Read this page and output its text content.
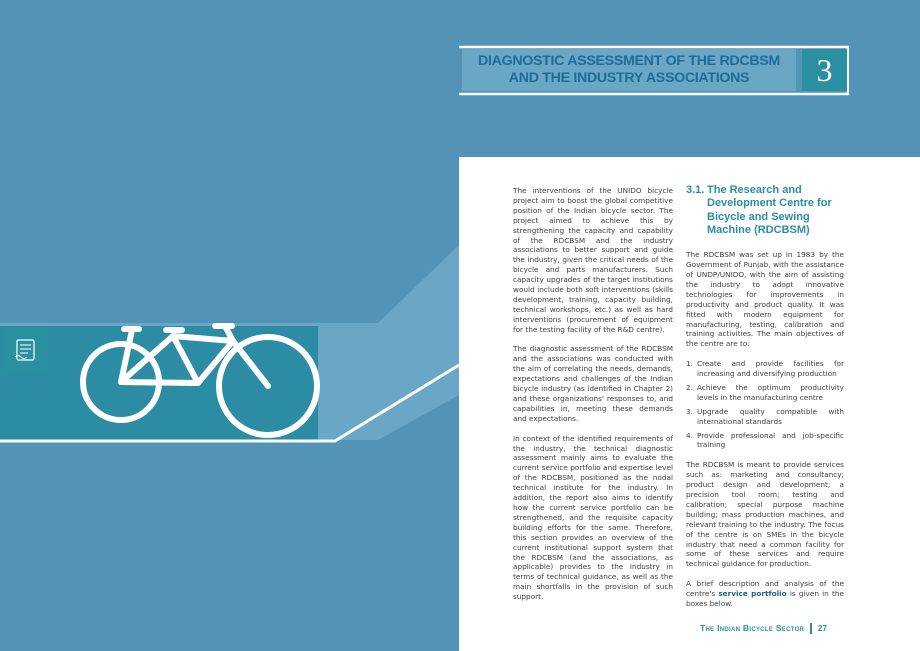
DIAGNOSTIC ASSESSMENT OF THE RDCBSM
AND THE INDUSTRY ASSOCIATIONS	3

The interventions of the UNIDO bicycle project aim to boost the global competitive position of the Indian bicycle sector. The project aimed to achieve this by strengthening the capacity and capability of the RDCBSM and the industry associations to better support and guide the industry, given the critical needs of the bicycle and parts manufacturers. Such capacity upgrades of the target institutions would include both soft interventions (skills development, training, capacity building, technical workshops, etc.) as well as hard interventions (procurement of equipment for the testing facility of the R&D centre).

The diagnostic assessment of the RDCBSM and the associations was conducted with the aim of correlating the needs, demands, expectations and challenges of the Indian bicycle industry (as identified in Chapter 2) and these organizations' responses to, and capabilities in, meeting these demands and expectations.

In context of the identified requirements of the industry, the technical diagnostic assessment mainly aims to evaluate the current service portfolio and expertise level of the RDCBSM, positioned as the nodal technical institute for the industry. In addition, the report also aims to identify how the current service portfolio can be strengthened, and the requisite capacity building efforts for the same. Therefore, this section provides an overview of the current institutional support system that the RDCBSM (and the associations, as applicable) provides to the industry in terms of technical guidance, as well as the main shortfalls in the provision of such support.

3.1. The Research and Development Centre for Bicycle and Sewing Machine (RDCBSM)

The RDCBSM was set up in 1983 by the Government of Punjab, with the assistance of UNDP/UNIDO, with the aim of assisting the industry to adopt innovative technologies for improvements in productivity and product quality. It was fitted with modern equipment for manufacturing, testing, calibration and training activities. The main objectives of the centre are to:

1. Create and provide facilities for increasing and diversifying production
2. Achieve the optimum productivity levels in the manufacturing centre
3. Upgrade quality compatible with international standards
4. Provide professional and job-specific training

The RDCBSM is meant to provide services such as: marketing and consultancy; product design and development; a precision tool room; testing and calibration; special purpose machine building; mass production machines, and relevant training to the industry. The focus of the centre is on SMEs in the bicycle industry that need a common facility for some of these services and require technical guidance for production.

A brief description and analysis of the centre's service portfolio is given in the boxes below.

The Indian Bicycle Sector 27
